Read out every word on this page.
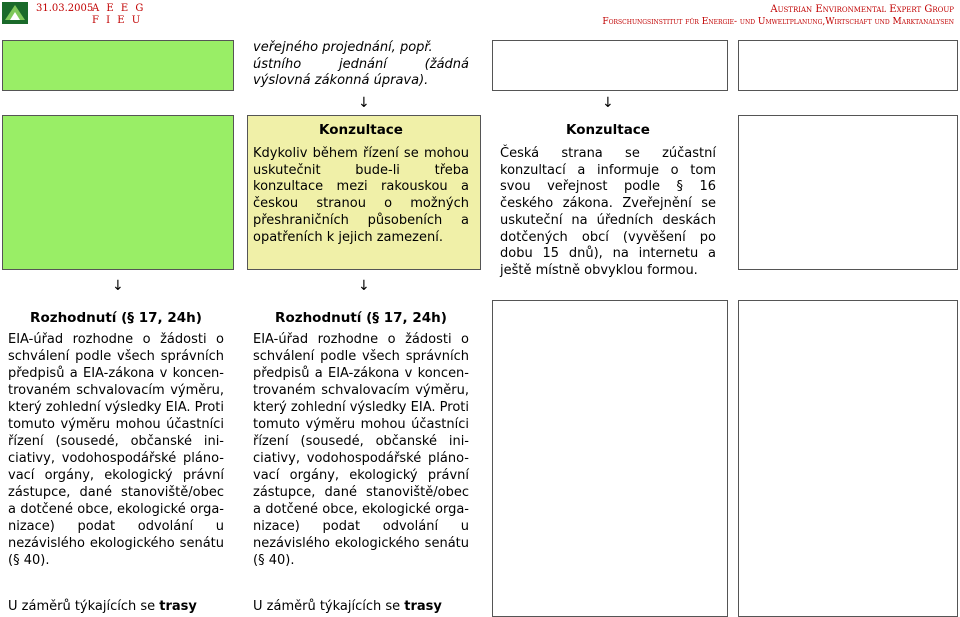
31.03.2005
A E E G
F I E U
Austrian Environmental Expert Group
Forschungsinstitut für Energie- und Umweltplanung,Wirtschaft und Marktanalysen
veřejného projednání, popř.
ústního jednání (žádná
výslovná zákonná úprava).
↓	↓
Konzultace
Kdykoliv během řízení se mohou uskutečnit bude-li třeba konzultace mezi rakouskou a českou stranou o možných přeshraničních působeních a opatřeních k jejich zamezení.
Konzultace
Česká strana se zúčastní konzultací a informuje o tom svou veřejnost podle § 16 českého zákona. Zveřejnění se uskuteční na úředních deskách dotčených obcí (vyvěšení po dobu 15 dnů), na internetu a ještě místně obvyklou formou.
↓	↓
Rozhodnutí (§ 17, 24h)
EIA-úřad rozhodne o žádosti o schválení podle všech správních předpisů a EIA-zákona v koncen-trovaném schvalovacím výměru, který zohlední výsledky EIA. Proti tomuto výměru mohou účastníci řízení (sousedé, občanské ini-ciativy, vodohospodářské pláno-vací orgány, ekologický právní zástupce, dané stanoviště/obec a dotčené obce, ekologické orga-nizace) podat odvolání u nezávislého ekologického senátu (§ 40).
U záměrů týkajících se trasy
Rozhodnutí (§ 17, 24h)
EIA-úřad rozhodne o žádosti o schválení podle všech správních předpisů a EIA-zákona v koncen-trovaném schvalovacím výměru, který zohlední výsledky EIA. Proti tomuto výměru mohou účastníci řízení (sousedé, občanské ini-ciativy, vodohospodářské pláno-vací orgány, ekologický právní zástupce, dané stanoviště/obec a dotčené obce, ekologické orga-nizace) podat odvolání u nezávislého ekologického senátu (§ 40).
U záměrů týkajících se trasy
